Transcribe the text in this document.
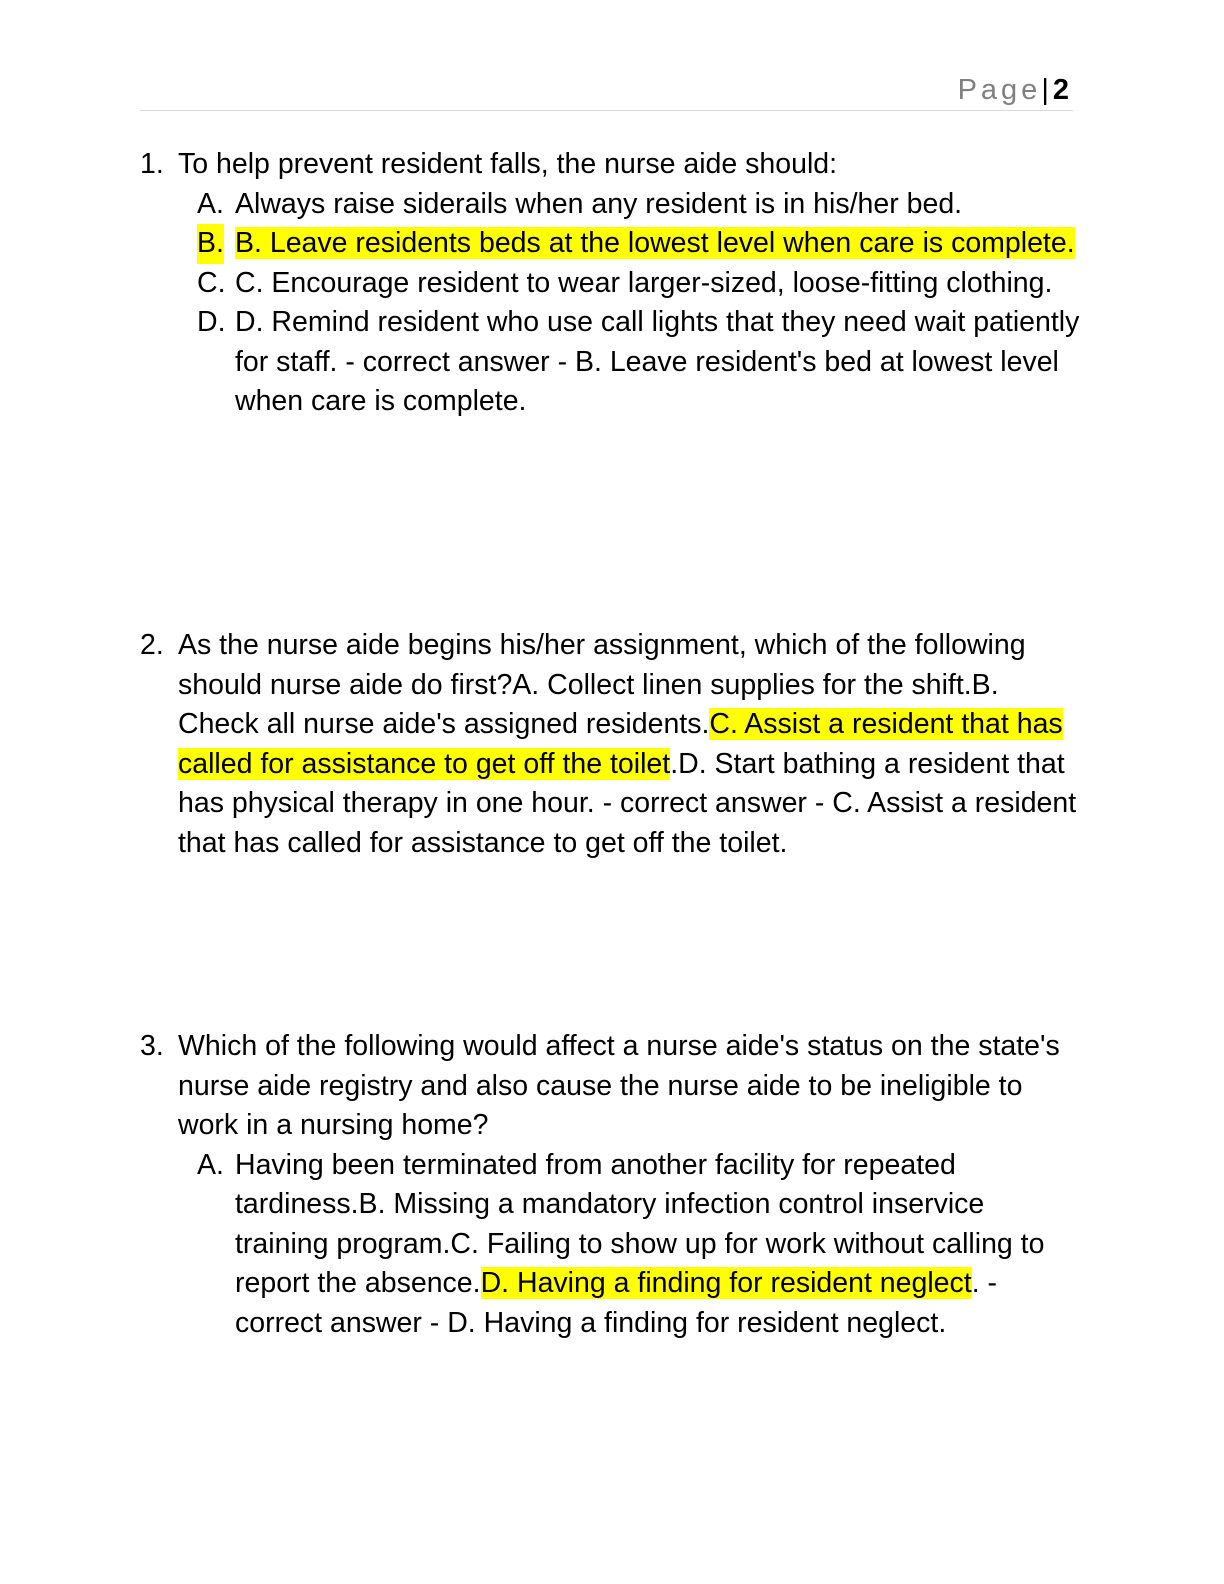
Page| 2
1. To help prevent resident falls, the nurse aide should:
A. Always raise siderails when any resident is in his/her bed.
B. B. Leave residents beds at the lowest level when care is complete.
C. C. Encourage resident to wear larger-sized, loose-fitting clothing.
D. D. Remind resident who use call lights that they need wait patiently for staff. - correct answer - B. Leave resident's bed at lowest level when care is complete.
2. As the nurse aide begins his/her assignment, which of the following should nurse aide do first?A. Collect linen supplies for the shift.B. Check all nurse aide's assigned residents.C. Assist a resident that has called for assistance to get off the toilet.D. Start bathing a resident that has physical therapy in one hour. - correct answer - C. Assist a resident that has called for assistance to get off the toilet.
3. Which of the following would affect a nurse aide's status on the state's nurse aide registry and also cause the nurse aide to be ineligible to work in a nursing home?
A. Having been terminated from another facility for repeated tardiness.B. Missing a mandatory infection control inservice training program.C. Failing to show up for work without calling to report the absence.D. Having a finding for resident neglect. - correct answer - D. Having a finding for resident neglect.
